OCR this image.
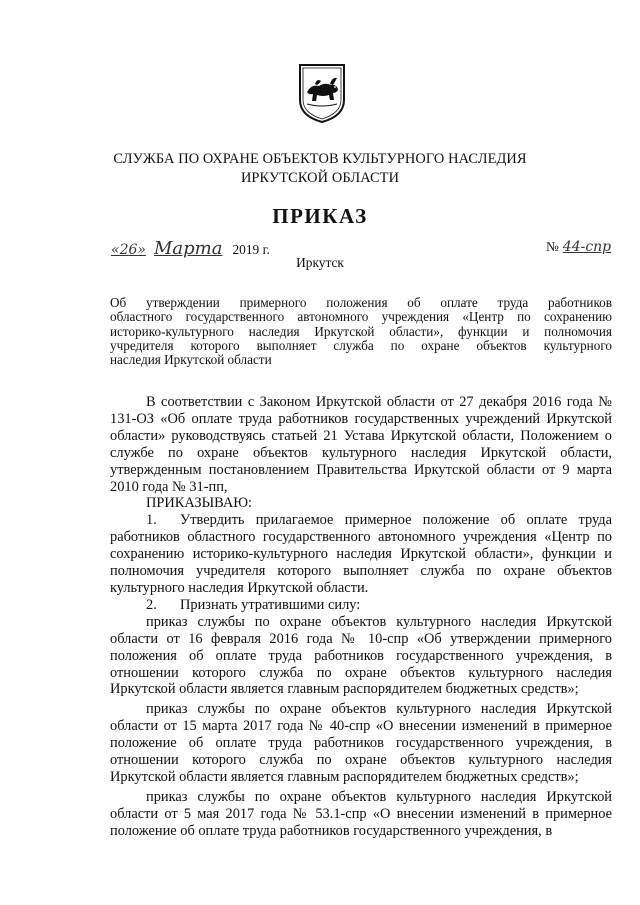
СЛУЖБА ПО ОХРАНЕ ОБЪЕКТОВ КУЛЬТУРНОГО НАСЛЕДИЯ
ИРКУТСКОЙ ОБЛАСТИ
ПРИКАЗ
«26» Марта 2019 г.	№ 44-спр
Иркутск
Об утверждении примерного положения об оплате труда работников
областного государственного автономного учреждения «Центр по сохранению
историко-культурного наследия Иркутской области», функции и полномочия
учредителя которого выполняет служба по охране объектов культурного
наследия Иркутской области
В соответствии с Законом Иркутской области от 27 декабря 2016 года № 131-ОЗ «Об оплате труда работников государственных учреждений Иркутской области» руководствуясь статьей 21 Устава Иркутской области, Положением о службе по охране объектов культурного наследия Иркутской области, утвержденным постановлением Правительства Иркутской области от 9 марта 2010 года № 31-пп,
ПРИКАЗЫВАЮ:
1. Утвердить прилагаемое примерное положение об оплате труда работников областного государственного автономного учреждения «Центр по сохранению историко-культурного наследия Иркутской области», функции и полномочия учредителя которого выполняет служба по охране объектов культурного наследия Иркутской области.
2. Признать утратившими силу:
приказ службы по охране объектов культурного наследия Иркутской области от 16 февраля 2016 года № 10-спр «Об утверждении примерного положения об оплате труда работников государственного учреждения, в отношении которого служба по охране объектов культурного наследия Иркутской области является главным распорядителем бюджетных средств»;
приказ службы по охране объектов культурного наследия Иркутской области от 15 марта 2017 года № 40-спр «О внесении изменений в примерное положение об оплате труда работников государственного учреждения, в отношении которого служба по охране объектов культурного наследия Иркутской области является главным распорядителем бюджетных средств»;
приказ службы по охране объектов культурного наследия Иркутской области от 5 мая 2017 года № 53.1-спр «О внесении изменений в примерное положение об оплате труда работников государственного учреждения, в
